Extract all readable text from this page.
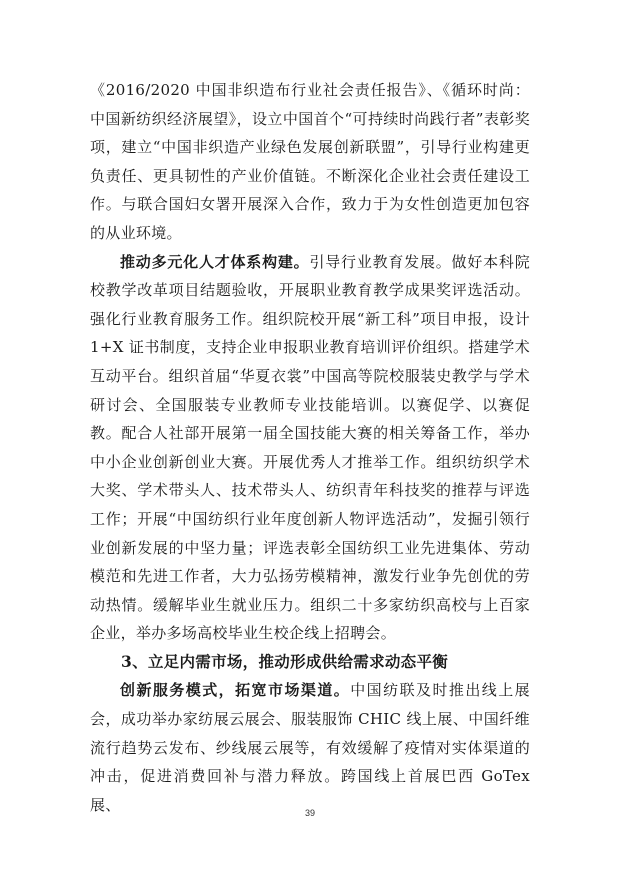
《2016/2020 中国非织造布行业社会责任报告》、《循环时尚：中国新纺织经济展望》，设立中国首个“可持续时尚践行者”表彰奖项，建立“中国非织造产业绿色发展创新联盟”，引导行业构建更负责任、更具韧性的产业价值链。不断深化企业社会责任建设工作。与联合国妇女署开展深入合作，致力于为女性创造更加包容的从业环境。

推动多元化人才体系构建。引导行业教育发展。做好本科院校教学改革项目结题验收，开展职业教育教学成果奖评选活动。强化行业教育服务工作。组织院校开展“新工科”项目申报，设计 1+X 证书制度，支持企业申报职业教育培训评价组织。搭建学术互动平台。组织首届“华夏衣裳”中国高等院校服装史教学与学术研讨会、全国服装专业教师专业技能培训。以赛促学、以赛促教。配合人社部开展第一届全国技能大赛的相关筹备工作，举办中小企业创新创业大赛。开展优秀人才推举工作。组织纺织学术大奖、学术带头人、技术带头人、纺织青年科技奖的推荐与评选工作；开展“中国纺织行业年度创新人物评选活动”，发掘引领行业创新发展的中坚力量；评选表彰全国纺织工业先进集体、劳动模范和先进工作者，大力弘扬劳模精神，激发行业争先创优的劳动热情。缓解毕业生就业压力。组织二十多家纺织高校与上百家企业，举办多场高校毕业生校企线上招聘会。

3、立足内需市场，推动形成供给需求动态平衡

创新服务模式，拓宽市场渠道。中国纺联及时推出线上展会，成功举办家纺展云展会、服装服饰 CHIC 线上展、中国纤维流行趋势云发布、纱线展云展等，有效缓解了疫情对实体渠道的冲击，促进消费回补与潜力释放。跨国线上首展巴西 GoTex 展、	39
